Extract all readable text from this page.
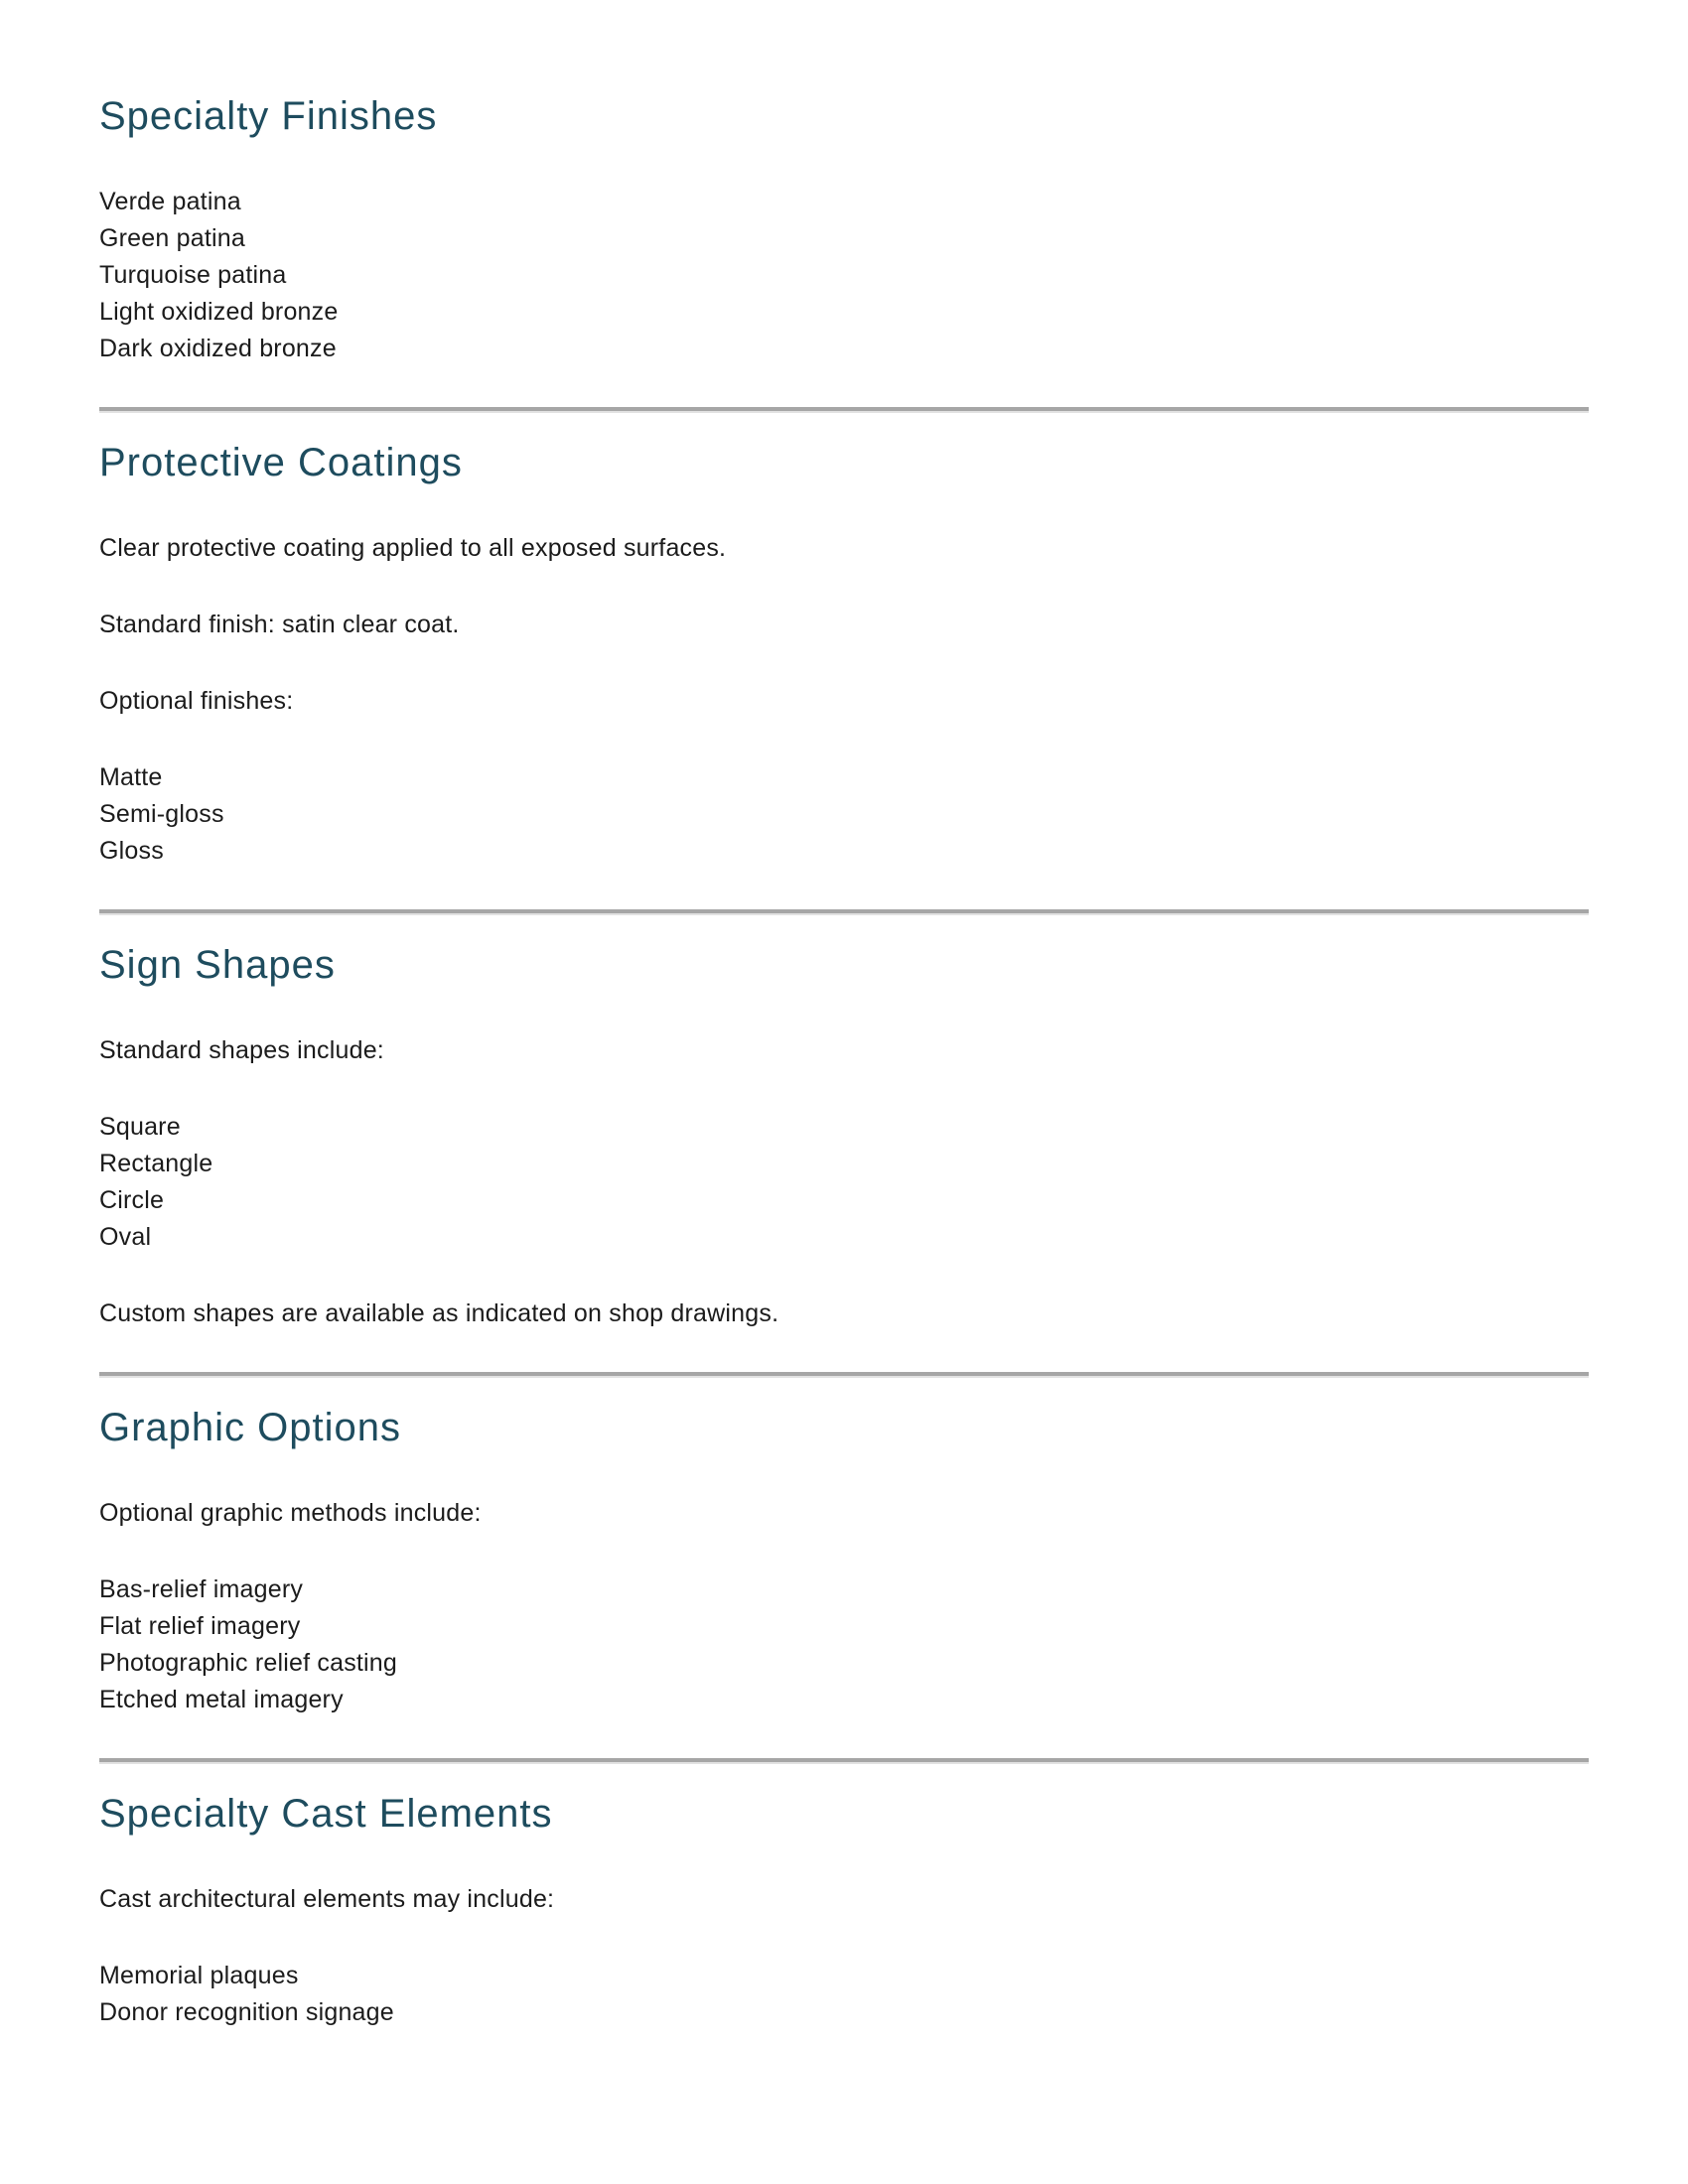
Specialty Finishes
Verde patina
Green patina
Turquoise patina
Light oxidized bronze
Dark oxidized bronze
Protective Coatings

Clear protective coating applied to all exposed surfaces.

Standard finish: satin clear coat.

Optional finishes:

Matte
Semi-gloss
Gloss
Sign Shapes

Standard shapes include:

Square
Rectangle
Circle
Oval

Custom shapes are available as indicated on shop drawings.

Graphic Options

Optional graphic methods include:

Bas-relief imagery
Flat relief imagery
Photographic relief casting
Etched metal imagery
Specialty Cast Elements

Cast architectural elements may include:

Memorial plaques
Donor recognition signage
